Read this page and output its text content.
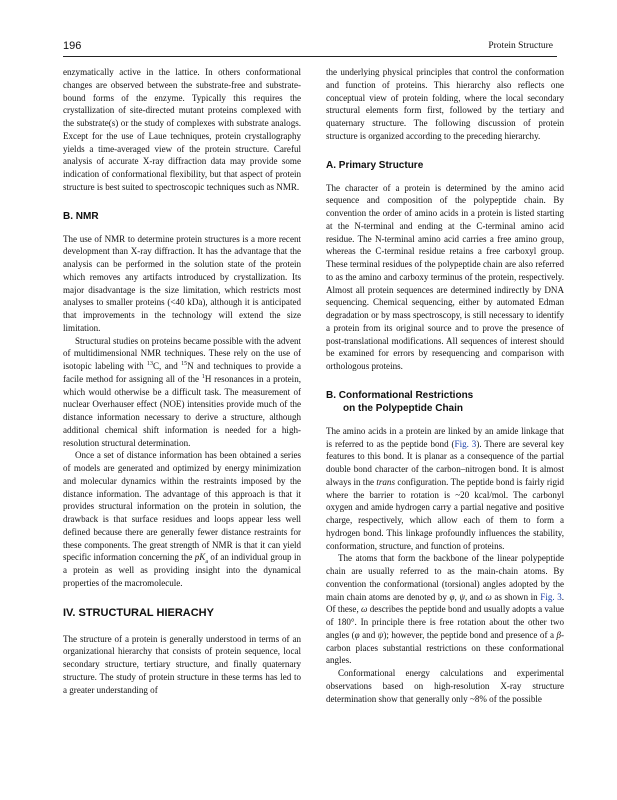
196	Protein Structure

enzymatically active in the lattice. In others conformational changes are observed between the substrate-free and substrate-bound forms of the enzyme. Typically this requires the crystallization of site-directed mutant proteins complexed with the substrate(s) or the study of complexes with substrate analogs. Except for the use of Laue techniques, protein crystallography yields a time-averaged view of the protein structure. Careful analysis of accurate X-ray diffraction data may provide some indication of conformational flexibility, but that aspect of protein structure is best suited to spectroscopic techniques such as NMR.

B. NMR

The use of NMR to determine protein structures is a more recent development than X-ray diffraction. It has the advantage that the analysis can be performed in the solution state of the protein which removes any artifacts introduced by crystallization. Its major disadvantage is the size limitation, which restricts most analyses to smaller proteins (<40 kDa), although it is anticipated that improvements in the technology will extend the size limitation.

Structural studies on proteins became possible with the advent of multidimensional NMR techniques. These rely on the use of isotopic labeling with $^{13}$C, and $^{15}$N and techniques to provide a facile method for assigning all of the $^1$H resonances in a protein, which would otherwise be a difficult task. The measurement of nuclear Overhauser effect (NOE) intensities provide much of the distance information necessary to derive a structure, although additional chemical shift information is needed for a high-resolution structural determination.

Once a set of distance information has been obtained a series of models are generated and optimized by energy minimization and molecular dynamics within the restraints imposed by the distance information. The advantage of this approach is that it provides structural information on the protein in solution, the drawback is that surface residues and loops appear less well defined because there are generally fewer distance restraints for these components. The great strength of NMR is that it can yield specific information concerning the $pK_a$ of an individual group in a protein as well as providing insight into the dynamical properties of the macromolecule.

IV. STRUCTURAL HIERACHY

The structure of a protein is generally understood in terms of an organizational hierarchy that consists of protein sequence, local secondary structure, tertiary structure, and finally quaternary structure. The study of protein structure in these terms has led to a greater understanding of

the underlying physical principles that control the conformation and function of proteins. This hierarchy also reflects one conceptual view of protein folding, where the local secondary structural elements form first, followed by the tertiary and quaternary structure. The following discussion of protein structure is organized according to the preceding hierarchy.

A. Primary Structure

The character of a protein is determined by the amino acid sequence and composition of the polypeptide chain. By convention the order of amino acids in a protein is listed starting at the N-terminal and ending at the C-terminal amino acid residue. The N-terminal amino acid carries a free amino group, whereas the C-terminal residue retains a free carboxyl group. These terminal residues of the polypeptide chain are also referred to as the amino and carboxy terminus of the protein, respectively. Almost all protein sequences are determined indirectly by DNA sequencing. Chemical sequencing, either by automated Edman degradation or by mass spectroscopy, is still necessary to identify a protein from its original source and to prove the presence of post-translational modifications. All sequences of interest should be examined for errors by resequencing and comparison with orthologous proteins.

B. Conformational Restrictions
on the Polypeptide Chain

The amino acids in a protein are linked by an amide linkage that is referred to as the peptide bond (Fig. 3). There are several key features to this bond. It is planar as a consequence of the partial double bond character of the carbon–nitrogen bond. It is almost always in the trans configuration. The peptide bond is fairly rigid where the barrier to rotation is ~20 kcal/mol. The carbonyl oxygen and amide hydrogen carry a partial negative and positive charge, respectively, which allow each of them to form a hydrogen bond. This linkage profoundly influences the stability, conformation, structure, and function of proteins.

The atoms that form the backbone of the linear polypeptide chain are usually referred to as the main-chain atoms. By convention the conformational (torsional) angles adopted by the main chain atoms are denoted by φ, ψ, and ω as shown in Fig. 3. Of these, ω describes the peptide bond and usually adopts a value of 180°. In principle there is free rotation about the other two angles (φ and ψ); however, the peptide bond and presence of a β-carbon places substantial restrictions on these conformational angles.

Conformational energy calculations and experimental observations based on high-resolution X-ray structure determination show that generally only ~8% of the possible
